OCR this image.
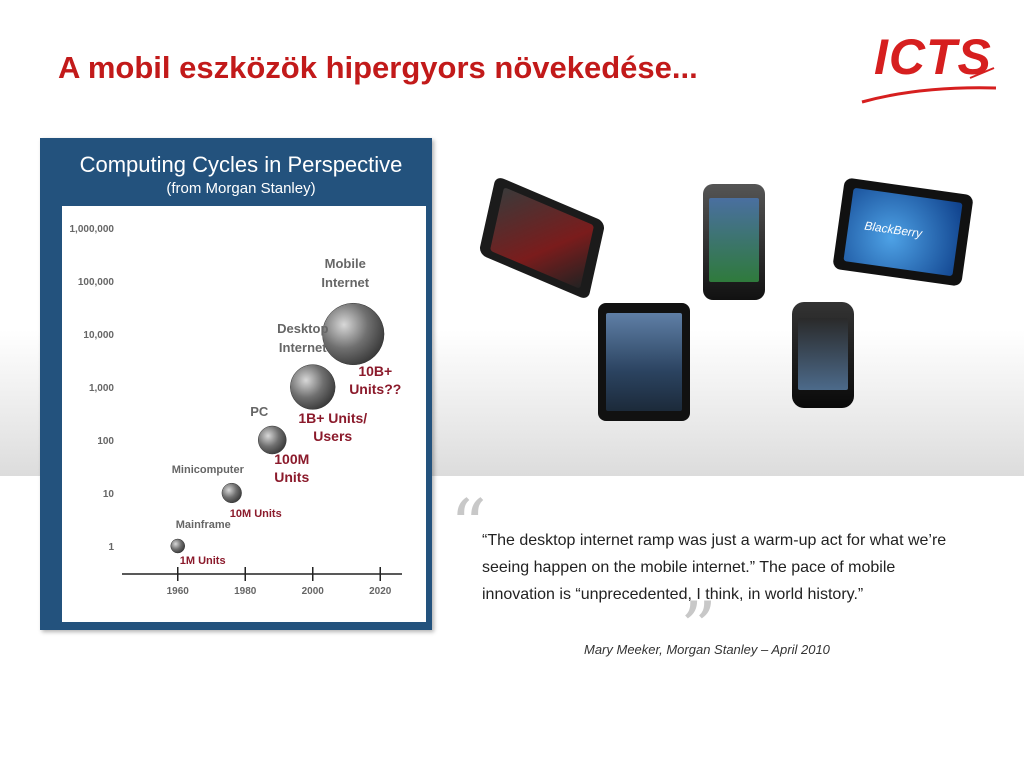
A mobil eszközök hipergyors növekedése...	ICTS
Computing Cycles in Perspective
(from Morgan Stanley)
1
10
100
1,000
10,000
100,000
1,000,000
1960	1980	2000	2020
Mainframe
1M Units
Minicomputer
10M Units
PC
100M
Units
Desktop
Internet
1B+ Units/
Users
Mobile
Internet
10B+
Units??
BlackBerry
“
“The desktop internet ramp was just a warm-up act for what we’re seeing happen on the mobile internet.” The pace of mobile innovation is “unprecedented, I think, in world history.”
”
Mary Meeker, Morgan Stanley – April 2010
